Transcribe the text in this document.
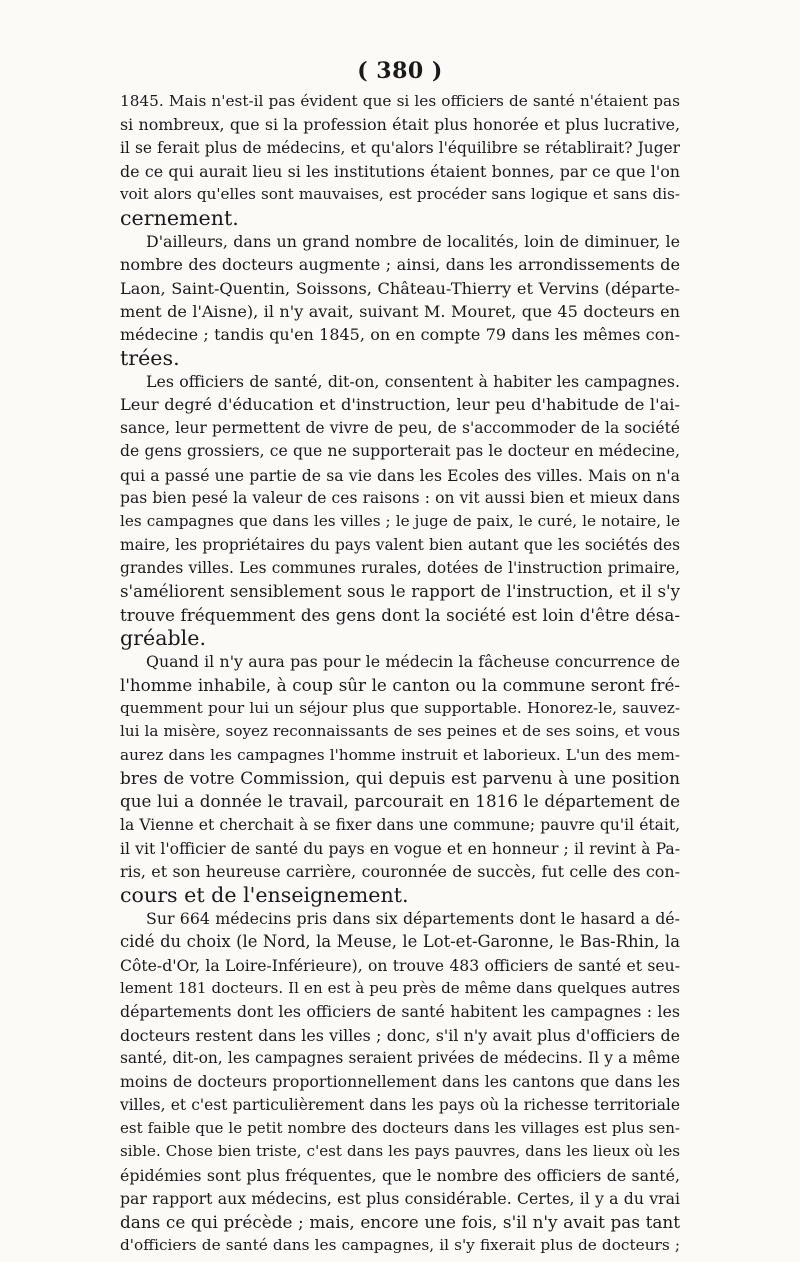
( 380 )
1845. Mais n'est-il pas évident que si les officiers de santé n'étaient pas
si nombreux, que si la profession était plus honorée et plus lucrative,
il se ferait plus de médecins, et qu'alors l'équilibre se rétablirait? Juger
de ce qui aurait lieu si les institutions étaient bonnes, par ce que l'on
voit alors qu'elles sont mauvaises, est procéder sans logique et sans dis-
cernement.
D'ailleurs, dans un grand nombre de localités, loin de diminuer, le
nombre des docteurs augmente ; ainsi, dans les arrondissements de
Laon, Saint-Quentin, Soissons, Château-Thierry et Vervins (départe-
ment de l'Aisne), il n'y avait, suivant M. Mouret, que 45 docteurs en
médecine ; tandis qu'en 1845, on en compte 79 dans les mêmes con-
trées.
Les officiers de santé, dit-on, consentent à habiter les campagnes.
Leur degré d'éducation et d'instruction, leur peu d'habitude de l'ai-
sance, leur permettent de vivre de peu, de s'accommoder de la société
de gens grossiers, ce que ne supporterait pas le docteur en médecine,
qui a passé une partie de sa vie dans les Ecoles des villes. Mais on n'a
pas bien pesé la valeur de ces raisons : on vit aussi bien et mieux dans
les campagnes que dans les villes ; le juge de paix, le curé, le notaire, le
maire, les propriétaires du pays valent bien autant que les sociétés des
grandes villes. Les communes rurales, dotées de l'instruction primaire,
s'améliorent sensiblement sous le rapport de l'instruction, et il s'y
trouve fréquemment des gens dont la société est loin d'être désa-
gréable.
Quand il n'y aura pas pour le médecin la fâcheuse concurrence de
l'homme inhabile, à coup sûr le canton ou la commune seront fré-
quemment pour lui un séjour plus que supportable. Honorez-le, sauvez-
lui la misère, soyez reconnaissants de ses peines et de ses soins, et vous
aurez dans les campagnes l'homme instruit et laborieux. L'un des mem-
bres de votre Commission, qui depuis est parvenu à une position
que lui a donnée le travail, parcourait en 1816 le département de
la Vienne et cherchait à se fixer dans une commune; pauvre qu'il était,
il vit l'officier de santé du pays en vogue et en honneur ; il revint à Pa-
ris, et son heureuse carrière, couronnée de succès, fut celle des con-
cours et de l'enseignement.
Sur 664 médecins pris dans six départements dont le hasard a dé-
cidé du choix (le Nord, la Meuse, le Lot-et-Garonne, le Bas-Rhin, la
Côte-d'Or, la Loire-Inférieure), on trouve 483 officiers de santé et seu-
lement 181 docteurs. Il en est à peu près de même dans quelques autres
départements dont les officiers de santé habitent les campagnes : les
docteurs restent dans les villes ; donc, s'il n'y avait plus d'officiers de
santé, dit-on, les campagnes seraient privées de médecins. Il y a même
moins de docteurs proportionnellement dans les cantons que dans les
villes, et c'est particulièrement dans les pays où la richesse territoriale
est faible que le petit nombre des docteurs dans les villages est plus sen-
sible. Chose bien triste, c'est dans les pays pauvres, dans les lieux où les
épidémies sont plus fréquentes, que le nombre des officiers de santé,
par rapport aux médecins, est plus considérable. Certes, il y a du vrai
dans ce qui précède ; mais, encore une fois, s'il n'y avait pas tant
d'officiers de santé dans les campagnes, il s'y fixerait plus de docteurs ;
